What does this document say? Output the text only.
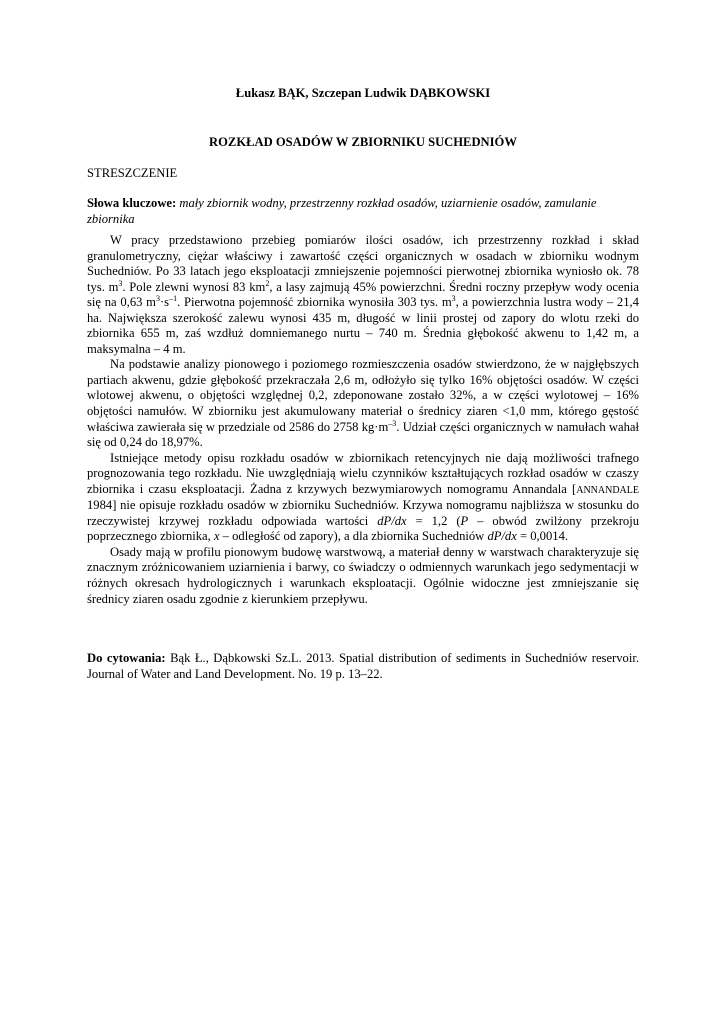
Łukasz BĄK, Szczepan Ludwik DĄBKOWSKI
ROZKŁAD OSADÓW W ZBIORNIKU SUCHEDNIÓW
STRESZCZENIE
Słowa kluczowe: mały zbiornik wodny, przestrzenny rozkład osadów, uziarnienie osadów, zamulanie zbiornika

W pracy przedstawiono przebieg pomiarów ilości osadów, ich przestrzenny rozkład i skład granulometryczny, ciężar właściwy i zawartość części organicznych w osadach w zbiorniku wodnym Suchedniów. Po 33 latach jego eksploatacji zmniejszenie pojemności pierwotnej zbiornika wyniosło ok. 78 tys. $m^3$. Pole zlewni wynosi 83 $km^2$, a lasy zajmują 45% powierzchni. Średni roczny przepływ wody ocenia się na 0,63 $m^3\cdot s^{-1}$. Pierwotna pojemność zbiornika wynosiła 303 tys. $m^3$, a powierzchnia lustra wody – 21,4 ha. Największa szerokość zalewu wynosi 435 m, długość w linii prostej od zapory do wlotu rzeki do zbiornika 655 m, zaś wzdłuż domniemanego nurtu – 740 m. Średnia głębokość akwenu to 1,42 m, a maksymalna – 4 m.

Na podstawie analizy pionowego i poziomego rozmieszczenia osadów stwierdzono, że w najgłębszych partiach akwenu, gdzie głębokość przekraczała 2,6 m, odłożyło się tylko 16% objętości osadów. W części wlotowej akwenu, o objętości względnej 0,2, zdeponowane zostało 32%, a w części wylotowej – 16% objętości namułów. W zbiorniku jest akumulowany materiał o średnicy ziaren <1,0 mm, którego gęstość właściwa zawierała się w przedziale od 2586 do 2758 $kg\cdot m^{-3}$. Udział części organicznych w namułach wahał się od 0,24 do 18,97%.

Istniejące metody opisu rozkładu osadów w zbiornikach retencyjnych nie dają możliwości trafnego prognozowania tego rozkładu. Nie uwzględniają wielu czynników kształtujących rozkład osadów w czaszy zbiornika i czasu eksploatacji. Żadna z krzywych bezwymiarowych nomogramu Annandala [ANNANDALE 1984] nie opisuje rozkładu osadów w zbiorniku Suchedniów. Krzywa nomogramu najbliższa w stosunku do rzeczywistej krzywej rozkładu odpowiada wartości dP/dx = 1,2 (P – obwód zwilżony przekroju poprzecznego zbiornika, x – odległość od zapory), a dla zbiornika Suchedniów dP/dx = 0,0014.

Osady mają w profilu pionowym budowę warstwową, a materiał denny w warstwach charakteryzuje się znacznym zróżnicowaniem uziarnienia i barwy, co świadczy o odmiennych warunkach jego sedymentacji w różnych okresach hydrologicznych i warunkach eksploatacji. Ogólnie widoczne jest zmniejszanie się średnicy ziaren osadu zgodnie z kierunkiem przepływu.

Do cytowania: Bąk Ł., Dąbkowski Sz.L. 2013. Spatial distribution of sediments in Suchedniów reservoir. Journal of Water and Land Development. No. 19 p. 13–22.
